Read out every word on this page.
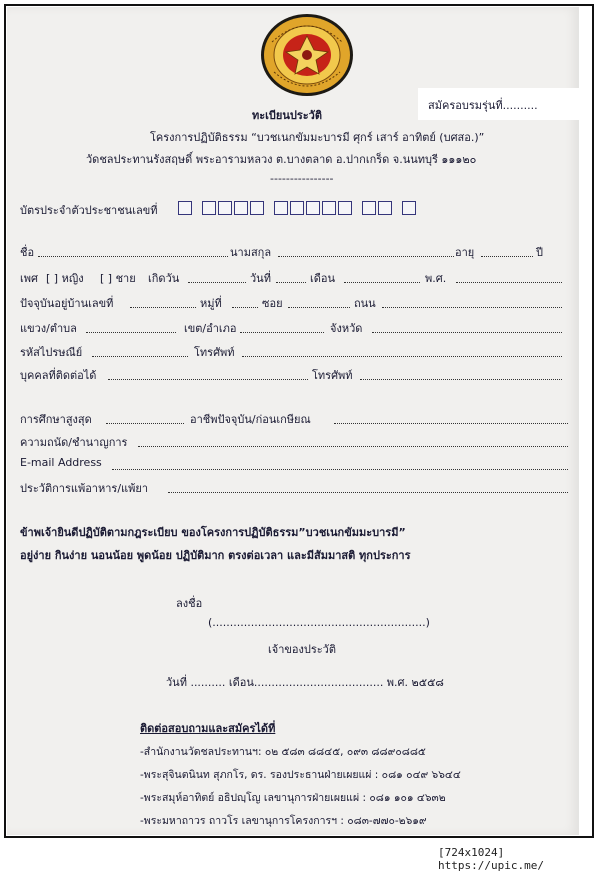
สมัครอบรมรุ่นที่..........
ทะเบียนประวัติ
โครงการปฏิบัติธรรม “บวชเนกขัมมะบารมี ศุกร์ เสาร์ อาทิตย์ (บศสอ.)”
วัดชลประทานรังสฤษดิ์ พระอารามหลวง ต.บางตลาด อ.ปากเกร็ด จ.นนทบุรี ๑๑๑๒๐
----------------
บัตรประจำตัวประชาชนเลขที่
ชื่อ	นามสกุล	อายุ	ปี
เพศ [ ] หญิง [ ] ชาย เกิดวัน	วันที่	เดือน	พ.ศ.
ปัจจุบันอยู่บ้านเลขที่	หมู่ที่	ซอย	ถนน
แขวง/ตำบล	เขต/อำเภอ	จังหวัด
รหัสไปรษณีย์	โทรศัพท์
บุคคลที่ติดต่อได้	โทรศัพท์
การศึกษาสูงสุด	อาชีพปัจจุบัน/ก่อนเกษียณ
ความถนัด/ชำนาญการ
E-mail Address
ประวัติการแพ้อาหาร/แพ้ยา
ข้าพเจ้ายินดีปฏิบัติตามกฎระเบียบ ของโครงการปฏิบัติธรรม”บวชเนกขัมมะบารมี”
อยู่ง่าย กินง่าย นอนน้อย พูดน้อย ปฏิบัติมาก ตรงต่อเวลา และมีสัมมาสติ ทุกประการ
ลงชื่อ
(.............................................................)
เจ้าของประวัติ
วันที่ .......... เดือน..................................... พ.ศ. ๒๕๕๘
ติดต่อสอบถามและสมัครได้ที่
-สำนักงานวัดชลประทานฯ: ๐๒ ๕๘๓ ๘๘๔๕, ๐๙๓ ๘๘๙๐๘๘๕
-พระสุจินตนินท สุภกโร, ดร. รองประธานฝ่ายเผยแผ่ : ๐๘๑ ๐๔๙ ๖๖๔๔
-พระสมุห์อาทิตย์ อธิปญฺโญ เลขานุการฝ่ายเผยแผ่ : ๐๘๑ ๑๐๑ ๔๖๓๒
-พระมหาถาวร ถาวโร เลขานุการโครงการฯ : ๐๘๓-๗๗๐-๒๖๑๙
[724x1024] https://upic.me/
